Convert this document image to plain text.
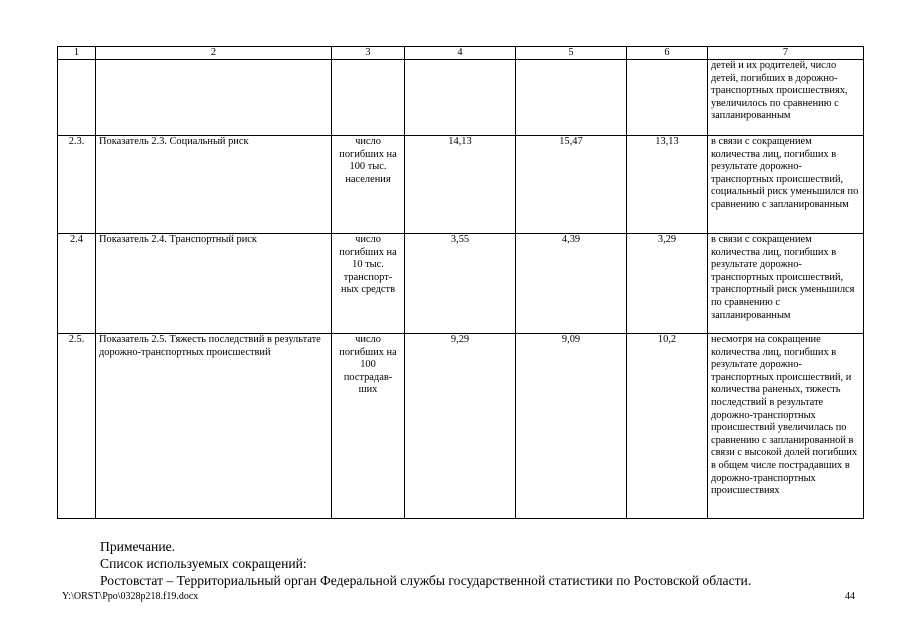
1	2	3	4	5	6	7
						детей и их родителей, число детей, погибших в дорожно-транспортных происшествиях, увеличилось по сравнению с запланированным
2.3.	Показатель 2.3. Социальный риск	число погибших на 100 тыс. населения	14,13	15,47	13,13	в связи с сокращением количества лиц, погибших в результате дорожно-транспортных происшествий, социальный риск уменьшился по сравнению с запланированным
2.4	Показатель 2.4. Транспортный риск	число погибших на 10 тыс. транспорт-ных средств	3,55	4,39	3,29	в связи с сокращением количества лиц, погибших в результате дорожно-транспортных происшествий, транспортный риск уменьшился по сравнению с запланированным
2.5.	Показатель 2.5. Тяжесть последствий в результате дорожно-транспортных происшествий	число погибших на 100 пострадав-ших	9,29	9,09	10,2	несмотря на сокращение количества лиц, погибших в результате дорожно-транспортных происшествий, и количества раненых, тяжесть последствий в результате дорожно-транспортных происшествий увеличилась по сравнению с запланированной в связи с высокой долей погибших в общем числе пострадавших в дорожно-транспортных происшествиях
Примечание.
Список используемых сокращений:
Ростовстат – Территориальный орган Федеральной службы государственной статистики по Ростовской области.
Y:\ORST\Ppo\0328p218.f19.docx	44
